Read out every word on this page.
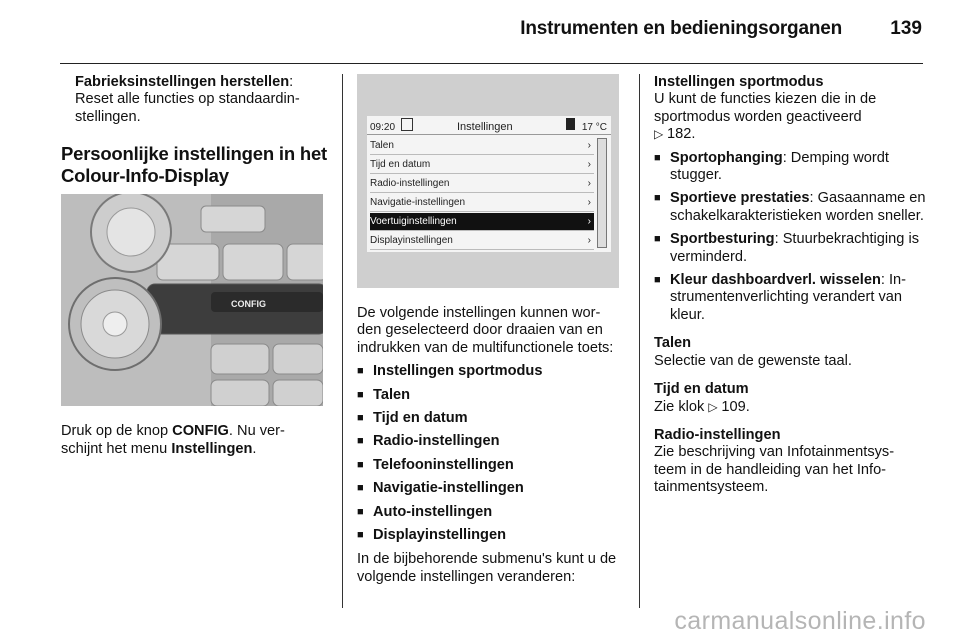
Instrumenten en bedieningsorganen	139

Fabrieksinstellingen herstellen:

Reset alle functies op standaardin- stellingen.

Persoonlijke instellingen in het Colour-Info-Display
CONFIG

Druk op de knop CONFIG. Nu ver- schijnt het menu Instellingen.

09:20	Instellingen	17 °C
Talen	›
Tijd en datum	›
Radio-instellingen	›
Navigatie-instellingen	›
Voertuiginstellingen	›
Displayinstellingen	›

De volgende instellingen kunnen wor- den geselecteerd door draaien van en indrukken van de multifunctionele toets:

■ Instellingen sportmodus
■ Talen
■ Tijd en datum
■ Radio-instellingen
■ Telefooninstellingen
■ Navigatie-instellingen
■ Auto-instellingen
■ Displayinstellingen

In de bijbehorende submenu's kunt u de volgende instellingen veranderen:

Instellingen sportmodus

U kunt de functies kiezen die in de sportmodus worden geactiveerd
▷ 182.

■ Sportophanging: Demping wordt stugger.
■ Sportieve prestaties: Gasaanname en schakelkarakteristieken worden sneller.
■ Sportbesturing: Stuurbekrachtiging is verminderd.
■ Kleur dashboardverl. wisselen: In- strumentenverlichting verandert van kleur.

Talen

Selectie van de gewenste taal.

Tijd en datum

Zie klok ▷ 109.

Radio-instellingen

Zie beschrijving van Infotainmentsys- teem in de handleiding van het Info- tainmentsysteem.

carmanualsonline.info
